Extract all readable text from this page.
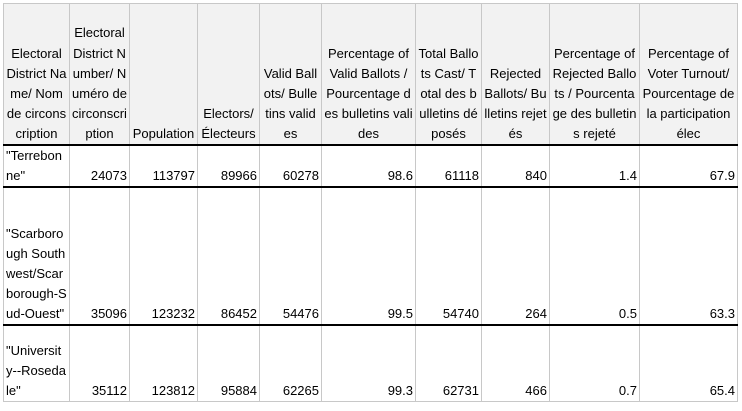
Electoral District Name/ Nom de circonscription	Electoral District Number/ Numéro de circonscription	Population	Electors/ Électeurs	Valid Ballots/ Bulletins valides	Percentage of Valid Ballots / Pourcentage des bulletins valides	Total Ballots Cast/ Total des bulletins déposés	Rejected Ballots/ Bulletins rejetés	Percentage of Rejected Ballots / Pourcentage des bulletins rejeté	Percentage of Voter Turnout/ Pourcentage de la participation élec
"Terrebonne"	24073	113797	89966	60278	98.6	61118	840	1.4	67.9
"Scarborough Southwest/Scarborough-Sud-Ouest"	35096	123232	86452	54476	99.5	54740	264	0.5	63.3
"University--Rosedale"	35112	123812	95884	62265	99.3	62731	466	0.7	65.4
